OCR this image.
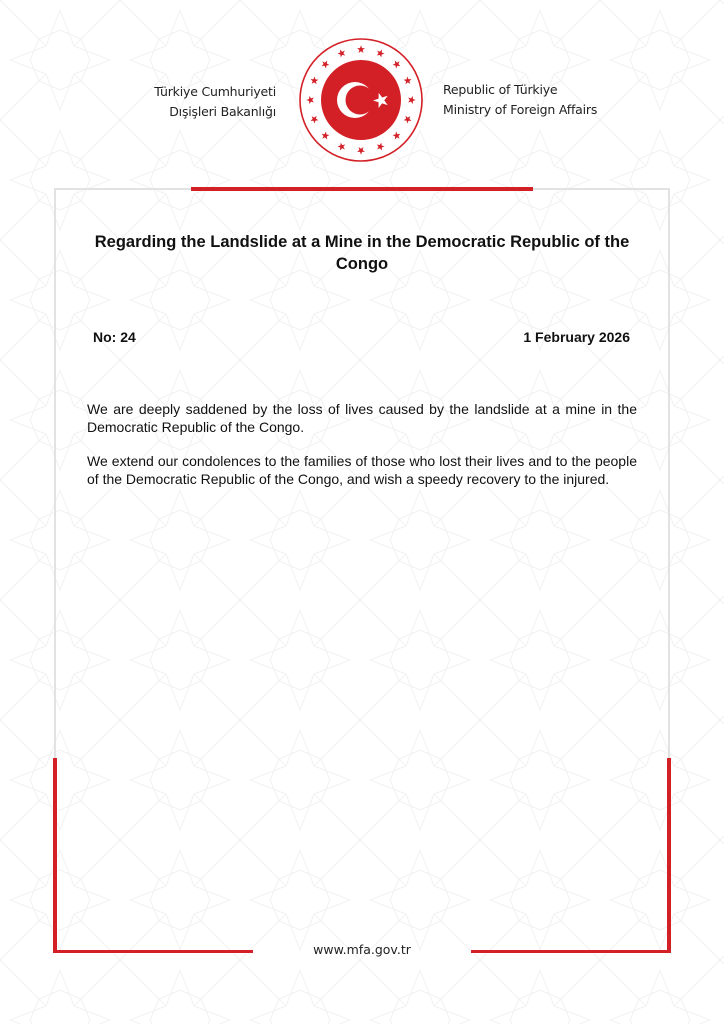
Türkiye Cumhuriyeti
Dışişleri Bakanlığı
Republic of Türkiye
Ministry of Foreign Affairs
Regarding the Landslide at a Mine in the Democratic Republic of the Congo
No: 24	1 February 2026

We are deeply saddened by the loss of lives caused by the landslide at a mine in the Democratic Republic of the Congo.

We extend our condolences to the families of those who lost their lives and to the people of the Democratic Republic of the Congo, and wish a speedy recovery to the injured.

www.mfa.gov.tr
